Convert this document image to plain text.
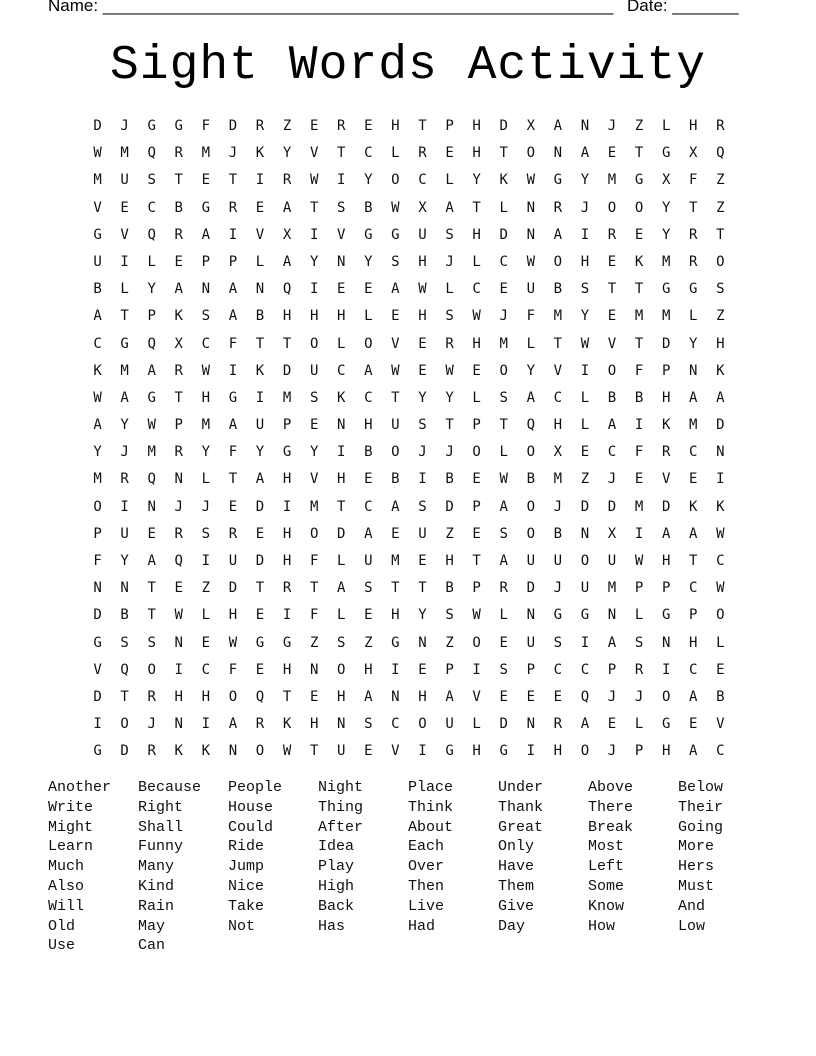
Name: ______________________________________________________

Date: _______

Sight Words Activity
D	J	G	G	F	D	R	Z	E	R	E	H	T	P	H	D	X	A	N	J	Z	L	H	R
W	M	Q	R	M	J	K	Y	V	T	C	L	R	E	H	T	O	N	A	E	T	G	X	Q
M	U	S	T	E	T	I	R	W	I	Y	O	C	L	Y	K	W	G	Y	M	G	X	F	Z
V	E	C	B	G	R	E	A	T	S	B	W	X	A	T	L	N	R	J	O	O	Y	T	Z
G	V	Q	R	A	I	V	X	I	V	G	G	U	S	H	D	N	A	I	R	E	Y	R	T
U	I	L	E	P	P	L	A	Y	N	Y	S	H	J	L	C	W	O	H	E	K	M	R	O
B	L	Y	A	N	A	N	Q	I	E	E	A	W	L	C	E	U	B	S	T	T	G	G	S
A	T	P	K	S	A	B	H	H	H	L	E	H	S	W	J	F	M	Y	E	M	M	L	Z
C	G	Q	X	C	F	T	T	O	L	O	V	E	R	H	M	L	T	W	V	T	D	Y	H
K	M	A	R	W	I	K	D	U	C	A	W	E	W	E	O	Y	V	I	O	F	P	N	K
W	A	G	T	H	G	I	M	S	K	C	T	Y	Y	L	S	A	C	L	B	B	H	A	A
A	Y	W	P	M	A	U	P	E	N	H	U	S	T	P	T	Q	H	L	A	I	K	M	D
Y	J	M	R	Y	F	Y	G	Y	I	B	O	J	J	O	L	O	X	E	C	F	R	C	N
M	R	Q	N	L	T	A	H	V	H	E	B	I	B	E	W	B	M	Z	J	E	V	E	I
O	I	N	J	J	E	D	I	M	T	C	A	S	D	P	A	O	J	D	D	M	D	K	K
P	U	E	R	S	R	E	H	O	D	A	E	U	Z	E	S	O	B	N	X	I	A	A	W
F	Y	A	Q	I	U	D	H	F	L	U	M	E	H	T	A	U	U	O	U	W	H	T	C
N	N	T	E	Z	D	T	R	T	A	S	T	T	B	P	R	D	J	U	M	P	P	C	W
D	B	T	W	L	H	E	I	F	L	E	H	Y	S	W	L	N	G	G	N	L	G	P	O
G	S	S	N	E	W	G	G	Z	S	Z	G	N	Z	O	E	U	S	I	A	S	N	H	L
V	Q	O	I	C	F	E	H	N	O	H	I	E	P	I	S	P	C	C	P	R	I	C	E
D	T	R	H	H	O	Q	T	E	H	A	N	H	A	V	E	E	E	Q	J	J	O	A	B
I	O	J	N	I	A	R	K	H	N	S	C	O	U	L	D	N	R	A	E	L	G	E	V
G	D	R	K	K	N	O	W	T	U	E	V	I	G	H	G	I	H	O	J	P	H	A	C
Another	Because	People	Night	Place	Under	Above	Below
Write	Right	House	Thing	Think	Thank	There	Their
Might	Shall	Could	After	About	Great	Break	Going
Learn	Funny	Ride	Idea	Each	Only	Most	More
Much	Many	Jump	Play	Over	Have	Left	Hers
Also	Kind	Nice	High	Then	Them	Some	Must
Will	Rain	Take	Back	Live	Give	Know	And
Old	May	Not	Has	Had	Day	How	Low
Use	Can
